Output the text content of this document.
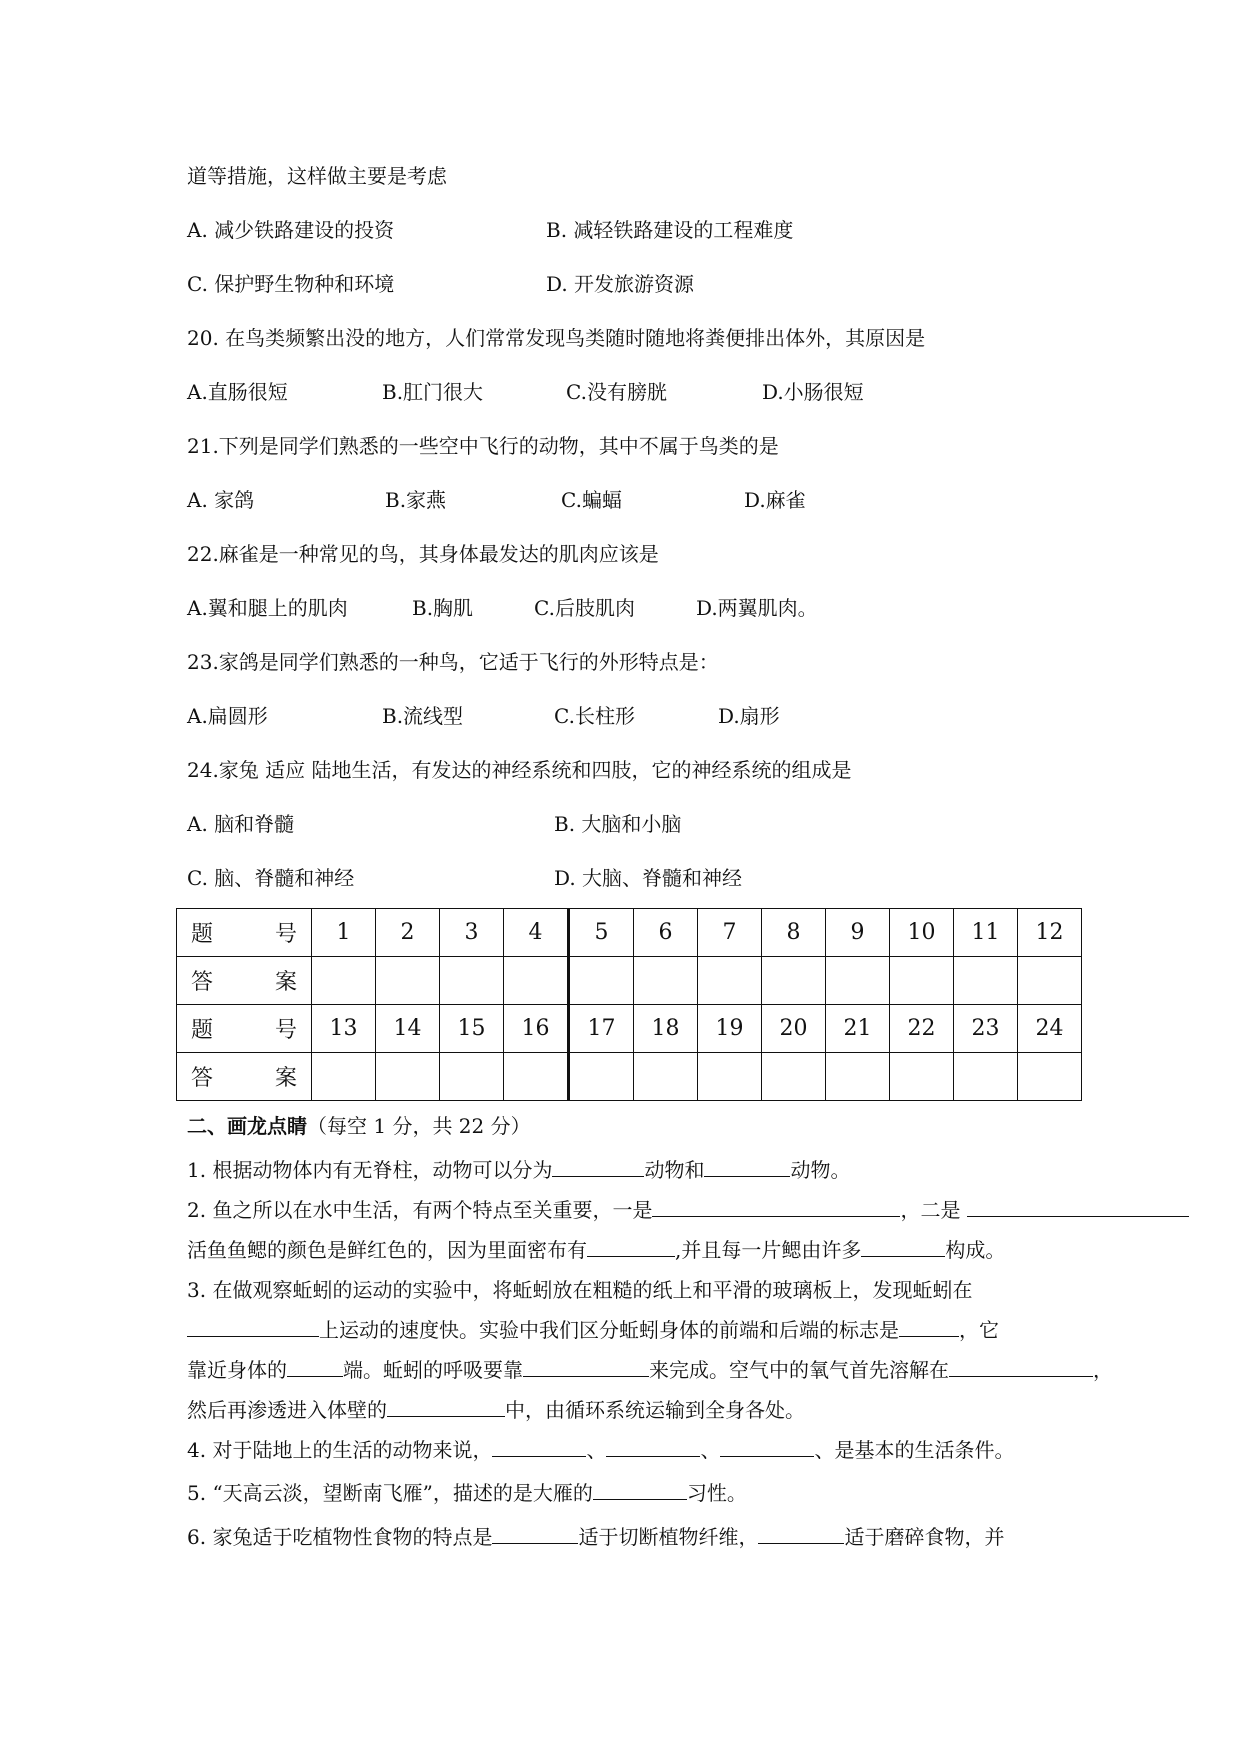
道等措施，这样做主要是考虑
A. 减少铁路建设的投资	B. 减轻铁路建设的工程难度
C. 保护野生物种和环境	D. 开发旅游资源
20. 在鸟类频繁出没的地方，人们常常发现鸟类随时随地将粪便排出体外，其原因是
A.直肠很短	B.肛门很大	C.没有膀胱	D.小肠很短
21.下列是同学们熟悉的一些空中飞行的动物，其中不属于鸟类的是
A. 家鸽	B.家燕	C.蝙蝠	D.麻雀
22.麻雀是一种常见的鸟，其身体最发达的肌肉应该是
A.翼和腿上的肌肉	B.胸肌	C.后肢肌肉	D.两翼肌肉。
23.家鸽是同学们熟悉的一种鸟，它适于飞行的外形特点是：
A.扁圆形	B.流线型	C.长柱形	D.扇形
24.家兔 适应 陆地生活，有发达的神经系统和四肢，它的神经系统的组成是
A. 脑和脊髓	B. 大脑和小脑
C. 脑、脊髓和神经	D. 大脑、脊髓和神经
题 号	1	2	3	4	5	6	7	8	9	10	11	12
答 案												
题 号	13	14	15	16	17	18	19	20	21	22	23	24
答 案												
二、画龙点睛（每空 1 分，共 22 分）
1. 根据动物体内有无脊柱，动物可以分为	动物和	动物。
2. 鱼之所以在水中生活，有两个特点至关重要，一是	，二是
活鱼鱼鳃的颜色是鲜红色的，因为里面密布有	,并且每一片鳃由许多	构成。
3. 在做观察蚯蚓的运动的实验中，将蚯蚓放在粗糙的纸上和平滑的玻璃板上，发现蚯蚓在
上运动的速度快。实验中我们区分蚯蚓身体的前端和后端的标志是	，它
靠近身体的	端。蚯蚓的呼吸要靠	来完成。空气中的氧气首先溶解在	，
然后再渗透进入体壁的	中，由循环系统运输到全身各处。
4. 对于陆地上的生活的动物来说，	、	、	、是基本的生活条件。
5. “天高云淡，望断南飞雁”，描述的是大雁的	习性。
6. 家兔适于吃植物性食物的特点是	适于切断植物纤维，	适于磨碎食物，并
